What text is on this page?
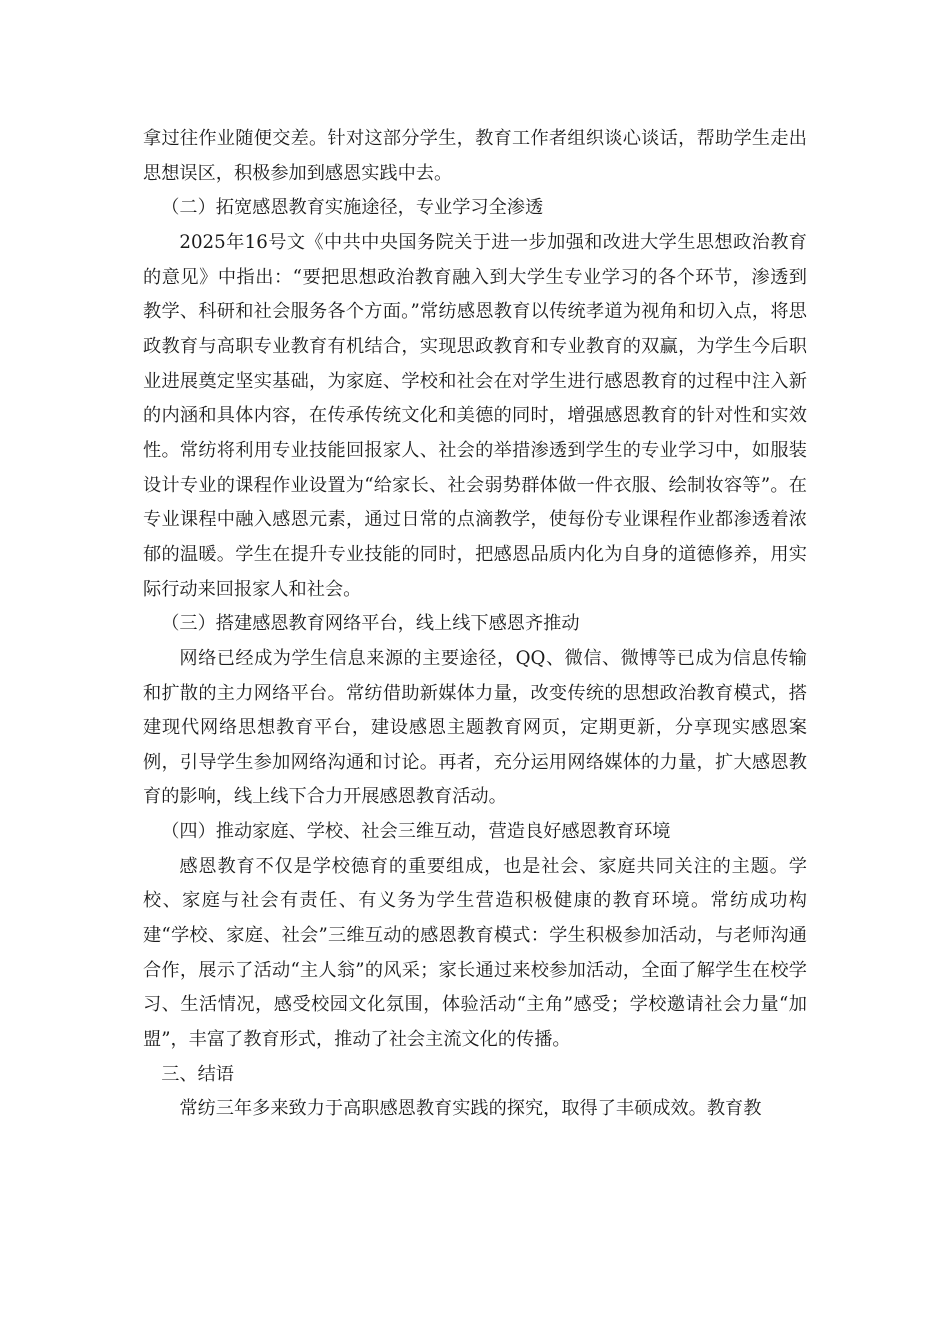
拿过往作业随便交差。针对这部分学生，教育工作者组织谈心谈话，帮助学生走出思想误区，积极参加到感恩实践中去。

（二）拓宽感恩教育实施途径，专业学习全渗透

2025年16号文《中共中央国务院关于进一步加强和改进大学生思想政治教育的意见》中指出：“要把思想政治教育融入到大学生专业学习的各个环节，渗透到教学、科研和社会服务各个方面。”常纺感恩教育以传统孝道为视角和切入点，将思政教育与高职专业教育有机结合，实现思政教育和专业教育的双赢，为学生今后职业进展奠定坚实基础，为家庭、学校和社会在对学生进行感恩教育的过程中注入新的内涵和具体内容，在传承传统文化和美德的同时，增强感恩教育的针对性和实效性。常纺将利用专业技能回报家人、社会的举措渗透到学生的专业学习中，如服装设计专业的课程作业设置为“给家长、社会弱势群体做一件衣服、绘制妆容等”。在专业课程中融入感恩元素，通过日常的点滴教学，使每份专业课程作业都渗透着浓郁的温暖。学生在提升专业技能的同时，把感恩品质内化为自身的道德修养，用实际行动来回报家人和社会。

（三）搭建感恩教育网络平台，线上线下感恩齐推动

网络已经成为学生信息来源的主要途径，QQ、微信、微博等已成为信息传输和扩散的主力网络平台。常纺借助新媒体力量，改变传统的思想政治教育模式，搭建现代网络思想教育平台，建设感恩主题教育网页，定期更新，分享现实感恩案例，引导学生参加网络沟通和讨论。再者，充分运用网络媒体的力量，扩大感恩教育的影响，线上线下合力开展感恩教育活动。

（四）推动家庭、学校、社会三维互动，营造良好感恩教育环境

感恩教育不仅是学校德育的重要组成，也是社会、家庭共同关注的主题。学校、家庭与社会有责任、有义务为学生营造积极健康的教育环境。常纺成功构建“学校、家庭、社会”三维互动的感恩教育模式：学生积极参加活动，与老师沟通合作，展示了活动“主人翁”的风采；家长通过来校参加活动，全面了解学生在校学习、生活情况，感受校园文化氛围，体验活动“主角”感受；学校邀请社会力量“加盟”，丰富了教育形式，推动了社会主流文化的传播。

三、结语

常纺三年多来致力于高职感恩教育实践的探究，取得了丰硕成效。教育教
